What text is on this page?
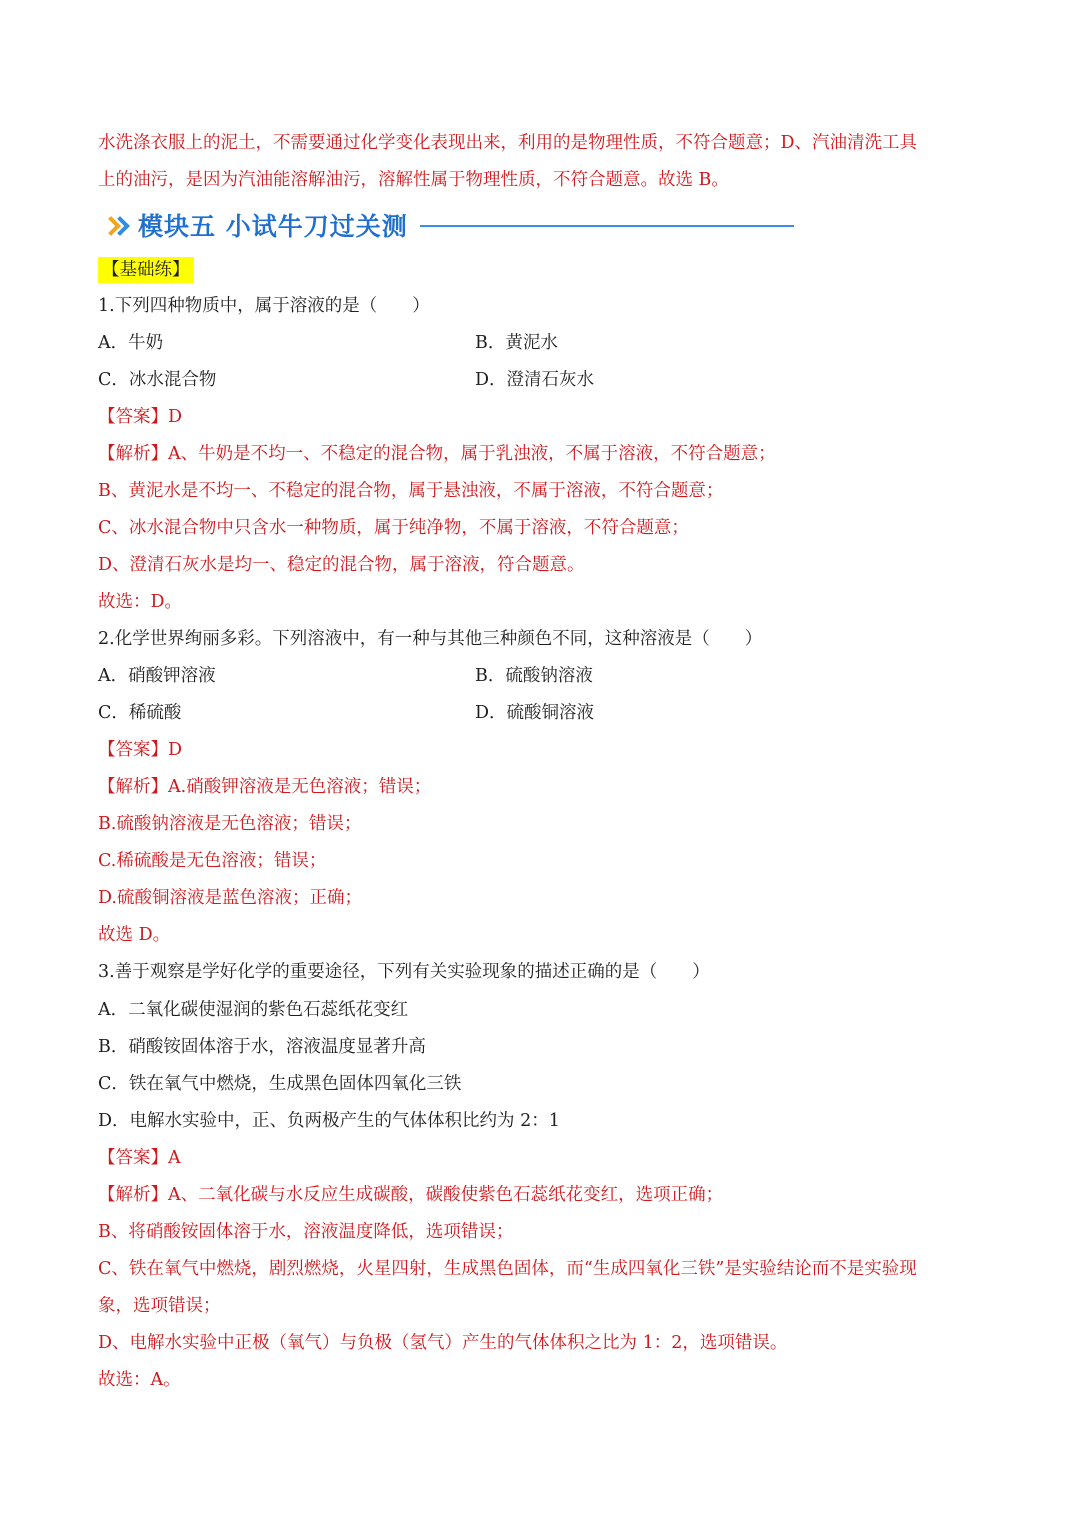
水洗涤衣服上的泥土，不需要通过化学变化表现出来，利用的是物理性质，不符合题意；D、汽油清洗工具
上的油污，是因为汽油能溶解油污，溶解性属于物理性质，不符合题意。故选 B。
模块五 小试牛刀过关测
【基础练】
1.下列四种物质中，属于溶液的是（　　）
A．牛奶	B．黄泥水
C．冰水混合物	D．澄清石灰水
【答案】D
【解析】A、牛奶是不均一、不稳定的混合物，属于乳浊液，不属于溶液，不符合题意；
B、黄泥水是不均一、不稳定的混合物，属于悬浊液，不属于溶液，不符合题意；
C、冰水混合物中只含水一种物质，属于纯净物，不属于溶液，不符合题意；
D、澄清石灰水是均一、稳定的混合物，属于溶液，符合题意。
故选：D。
2.化学世界绚丽多彩。下列溶液中，有一种与其他三种颜色不同，这种溶液是（　　）
A．硝酸钾溶液	B．硫酸钠溶液
C．稀硫酸	D．硫酸铜溶液
【答案】D
【解析】A.硝酸钾溶液是无色溶液；错误；
B.硫酸钠溶液是无色溶液；错误；
C.稀硫酸是无色溶液；错误；
D.硫酸铜溶液是蓝色溶液；正确；
故选 D。
3.善于观察是学好化学的重要途径，下列有关实验现象的描述正确的是（　　）
A．二氧化碳使湿润的紫色石蕊纸花变红
B．硝酸铵固体溶于水，溶液温度显著升高
C．铁在氧气中燃烧，生成黑色固体四氧化三铁
D．电解水实验中，正、负两极产生的气体体积比约为 2：1
【答案】A
【解析】A、二氧化碳与水反应生成碳酸，碳酸使紫色石蕊纸花变红，选项正确；
B、将硝酸铵固体溶于水，溶液温度降低，选项错误；
C、铁在氧气中燃烧，剧烈燃烧，火星四射，生成黑色固体，而“生成四氧化三铁”是实验结论而不是实验现
象，选项错误；
D、电解水实验中正极（氧气）与负极（氢气）产生的气体体积之比为 1：2，选项错误。
故选：A。
